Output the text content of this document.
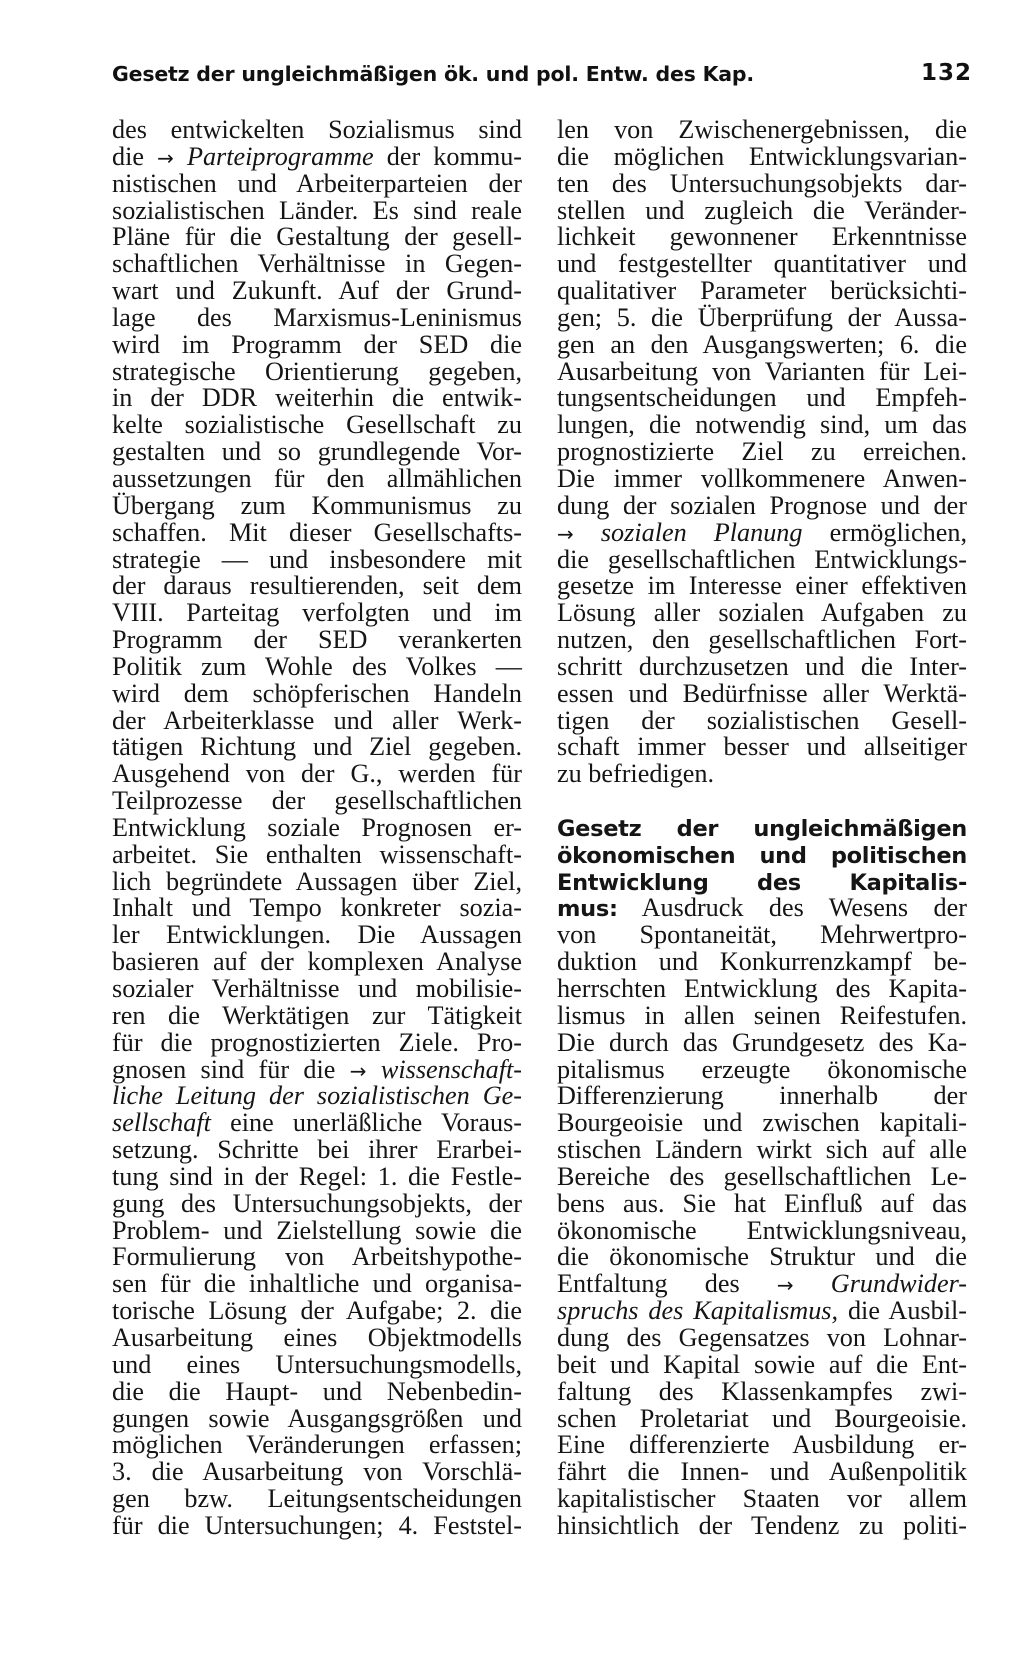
Gesetz der ungleichmäßigen ök. und pol. Entw. des Kap.	132
des entwickelten Sozialismus sind
die → Parteiprogramme der kommu-
nistischen und Arbeiterparteien der
sozialistischen Länder. Es sind reale
Pläne für die Gestaltung der gesell-
schaftlichen Verhältnisse in Gegen-
wart und Zukunft. Auf der Grund-
lage des Marxismus-Leninismus
wird im Programm der SED die
strategische Orientierung gegeben,
in der DDR weiterhin die entwik-
kelte sozialistische Gesellschaft zu
gestalten und so grundlegende Vor-
aussetzungen für den allmählichen
Übergang zum Kommunismus zu
schaffen. Mit dieser Gesellschafts-
strategie — und insbesondere mit
der daraus resultierenden, seit dem
VIII. Parteitag verfolgten und im
Programm der SED verankerten
Politik zum Wohle des Volkes —
wird dem schöpferischen Handeln
der Arbeiterklasse und aller Werk-
tätigen Richtung und Ziel gegeben.
Ausgehend von der G., werden für
Teilprozesse der gesellschaftlichen
Entwicklung soziale Prognosen er-
arbeitet. Sie enthalten wissenschaft-
lich begründete Aussagen über Ziel,
Inhalt und Tempo konkreter sozia-
ler Entwicklungen. Die Aussagen
basieren auf der komplexen Analyse
sozialer Verhältnisse und mobilisie-
ren die Werktätigen zur Tätigkeit
für die prognostizierten Ziele. Pro-
gnosen sind für die → wissenschaft-
liche Leitung der sozialistischen Ge-
sellschaft eine unerläßliche Voraus-
setzung. Schritte bei ihrer Erarbei-
tung sind in der Regel: 1. die Festle-
gung des Untersuchungsobjekts, der
Problem- und Zielstellung sowie die
Formulierung von Arbeitshypothe-
sen für die inhaltliche und organisa-
torische Lösung der Aufgabe; 2. die
Ausarbeitung eines Objektmodells
und eines Untersuchungsmodells,
die die Haupt- und Nebenbedin-
gungen sowie Ausgangsgrößen und
möglichen Veränderungen erfassen;
3. die Ausarbeitung von Vorschlä-
gen bzw. Leitungsentscheidungen
für die Untersuchungen; 4. Feststel-
len von Zwischenergebnissen, die
die möglichen Entwicklungsvarian-
ten des Untersuchungsobjekts dar-
stellen und zugleich die Veränder-
lichkeit gewonnener Erkenntnisse
und festgestellter quantitativer und
qualitativer Parameter berücksichti-
gen; 5. die Überprüfung der Aussa-
gen an den Ausgangswerten; 6. die
Ausarbeitung von Varianten für Lei-
tungsentscheidungen und Empfeh-
lungen, die notwendig sind, um das
prognostizierte Ziel zu erreichen.
Die immer vollkommenere Anwen-
dung der sozialen Prognose und der
→ sozialen Planung ermöglichen,
die gesellschaftlichen Entwicklungs-
gesetze im Interesse einer effektiven
Lösung aller sozialen Aufgaben zu
nutzen, den gesellschaftlichen Fort-
schritt durchzusetzen und die Inter-
essen und Bedürfnisse aller Werktä-
tigen der sozialistischen Gesell-
schaft immer besser und allseitiger
zu befriedigen.
Gesetz der ungleichmäßigen
ökonomischen und politischen
Entwicklung des Kapitalis-
mus: Ausdruck des Wesens der
von Spontaneität, Mehrwertpro-
duktion und Konkurrenzkampf be-
herrschten Entwicklung des Kapita-
lismus in allen seinen Reifestufen.
Die durch das Grundgesetz des Ka-
pitalismus erzeugte ökonomische
Differenzierung innerhalb der
Bourgeoisie und zwischen kapitali-
stischen Ländern wirkt sich auf alle
Bereiche des gesellschaftlichen Le-
bens aus. Sie hat Einfluß auf das
ökonomische Entwicklungsniveau,
die ökonomische Struktur und die
Entfaltung des → Grundwider-
spruchs des Kapitalismus, die Ausbil-
dung des Gegensatzes von Lohnar-
beit und Kapital sowie auf die Ent-
faltung des Klassenkampfes zwi-
schen Proletariat und Bourgeoisie.
Eine differenzierte Ausbildung er-
fährt die Innen- und Außenpolitik
kapitalistischer Staaten vor allem
hinsichtlich der Tendenz zu politi-
